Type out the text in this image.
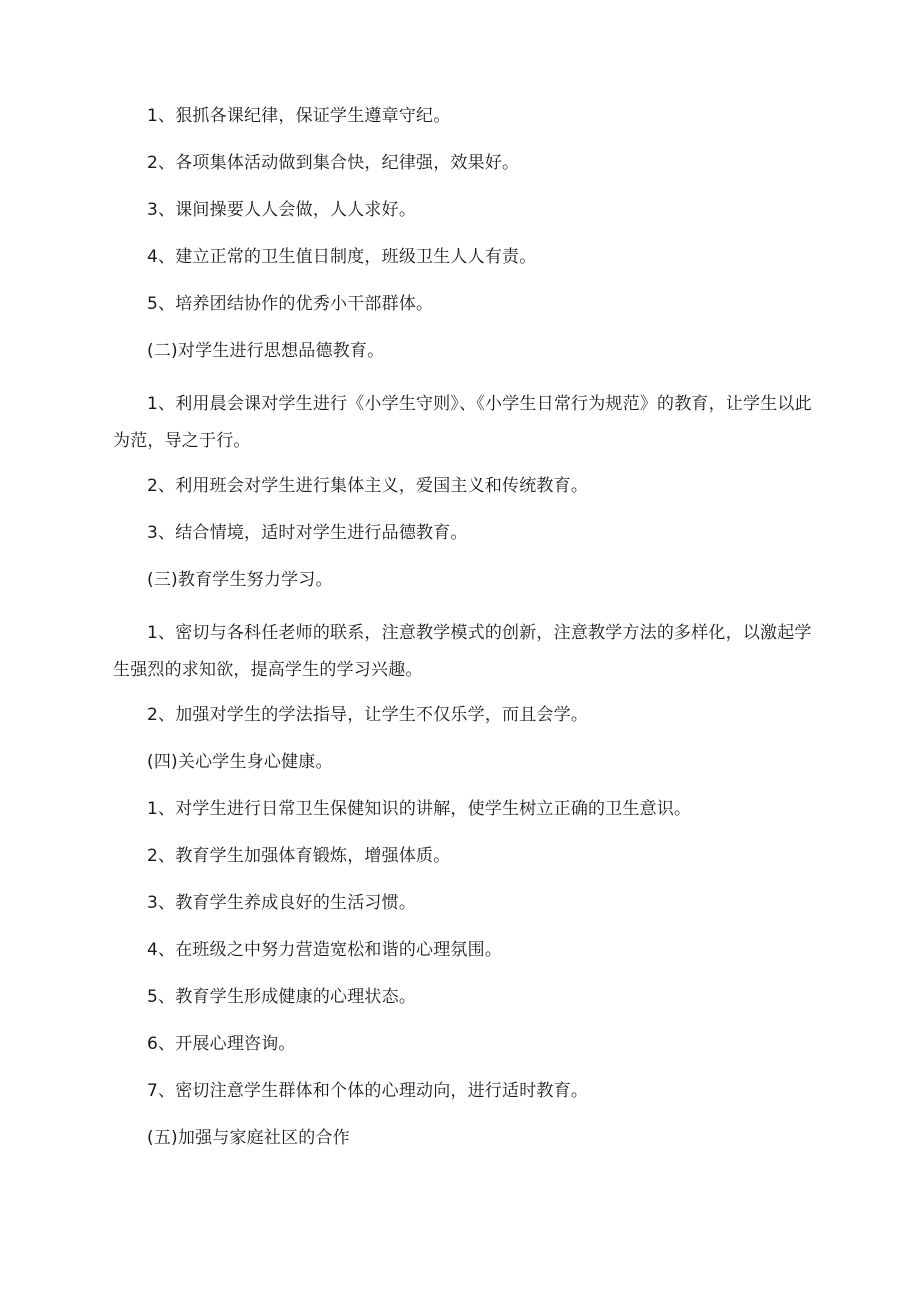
1、狠抓各课纪律，保证学生遵章守纪。

2、各项集体活动做到集合快，纪律强，效果好。

3、课间操要人人会做，人人求好。

4、建立正常的卫生值日制度，班级卫生人人有责。

5、培养团结协作的优秀小干部群体。

(二)对学生进行思想品德教育。

1、利用晨会课对学生进行《小学生守则》、《小学生日常行为规范》的教育，让学生以此为范，导之于行。

2、利用班会对学生进行集体主义，爱国主义和传统教育。

3、结合情境，适时对学生进行品德教育。

(三)教育学生努力学习。

1、密切与各科任老师的联系，注意教学模式的创新，注意教学方法的多样化，以激起学生强烈的求知欲，提高学生的学习兴趣。

2、加强对学生的学法指导，让学生不仅乐学，而且会学。

(四)关心学生身心健康。

1、对学生进行日常卫生保健知识的讲解，使学生树立正确的卫生意识。

2、教育学生加强体育锻炼，增强体质。

3、教育学生养成良好的生活习惯。

4、在班级之中努力营造宽松和谐的心理氛围。

5、教育学生形成健康的心理状态。

6、开展心理咨询。

7、密切注意学生群体和个体的心理动向，进行适时教育。

(五)加强与家庭社区的合作
